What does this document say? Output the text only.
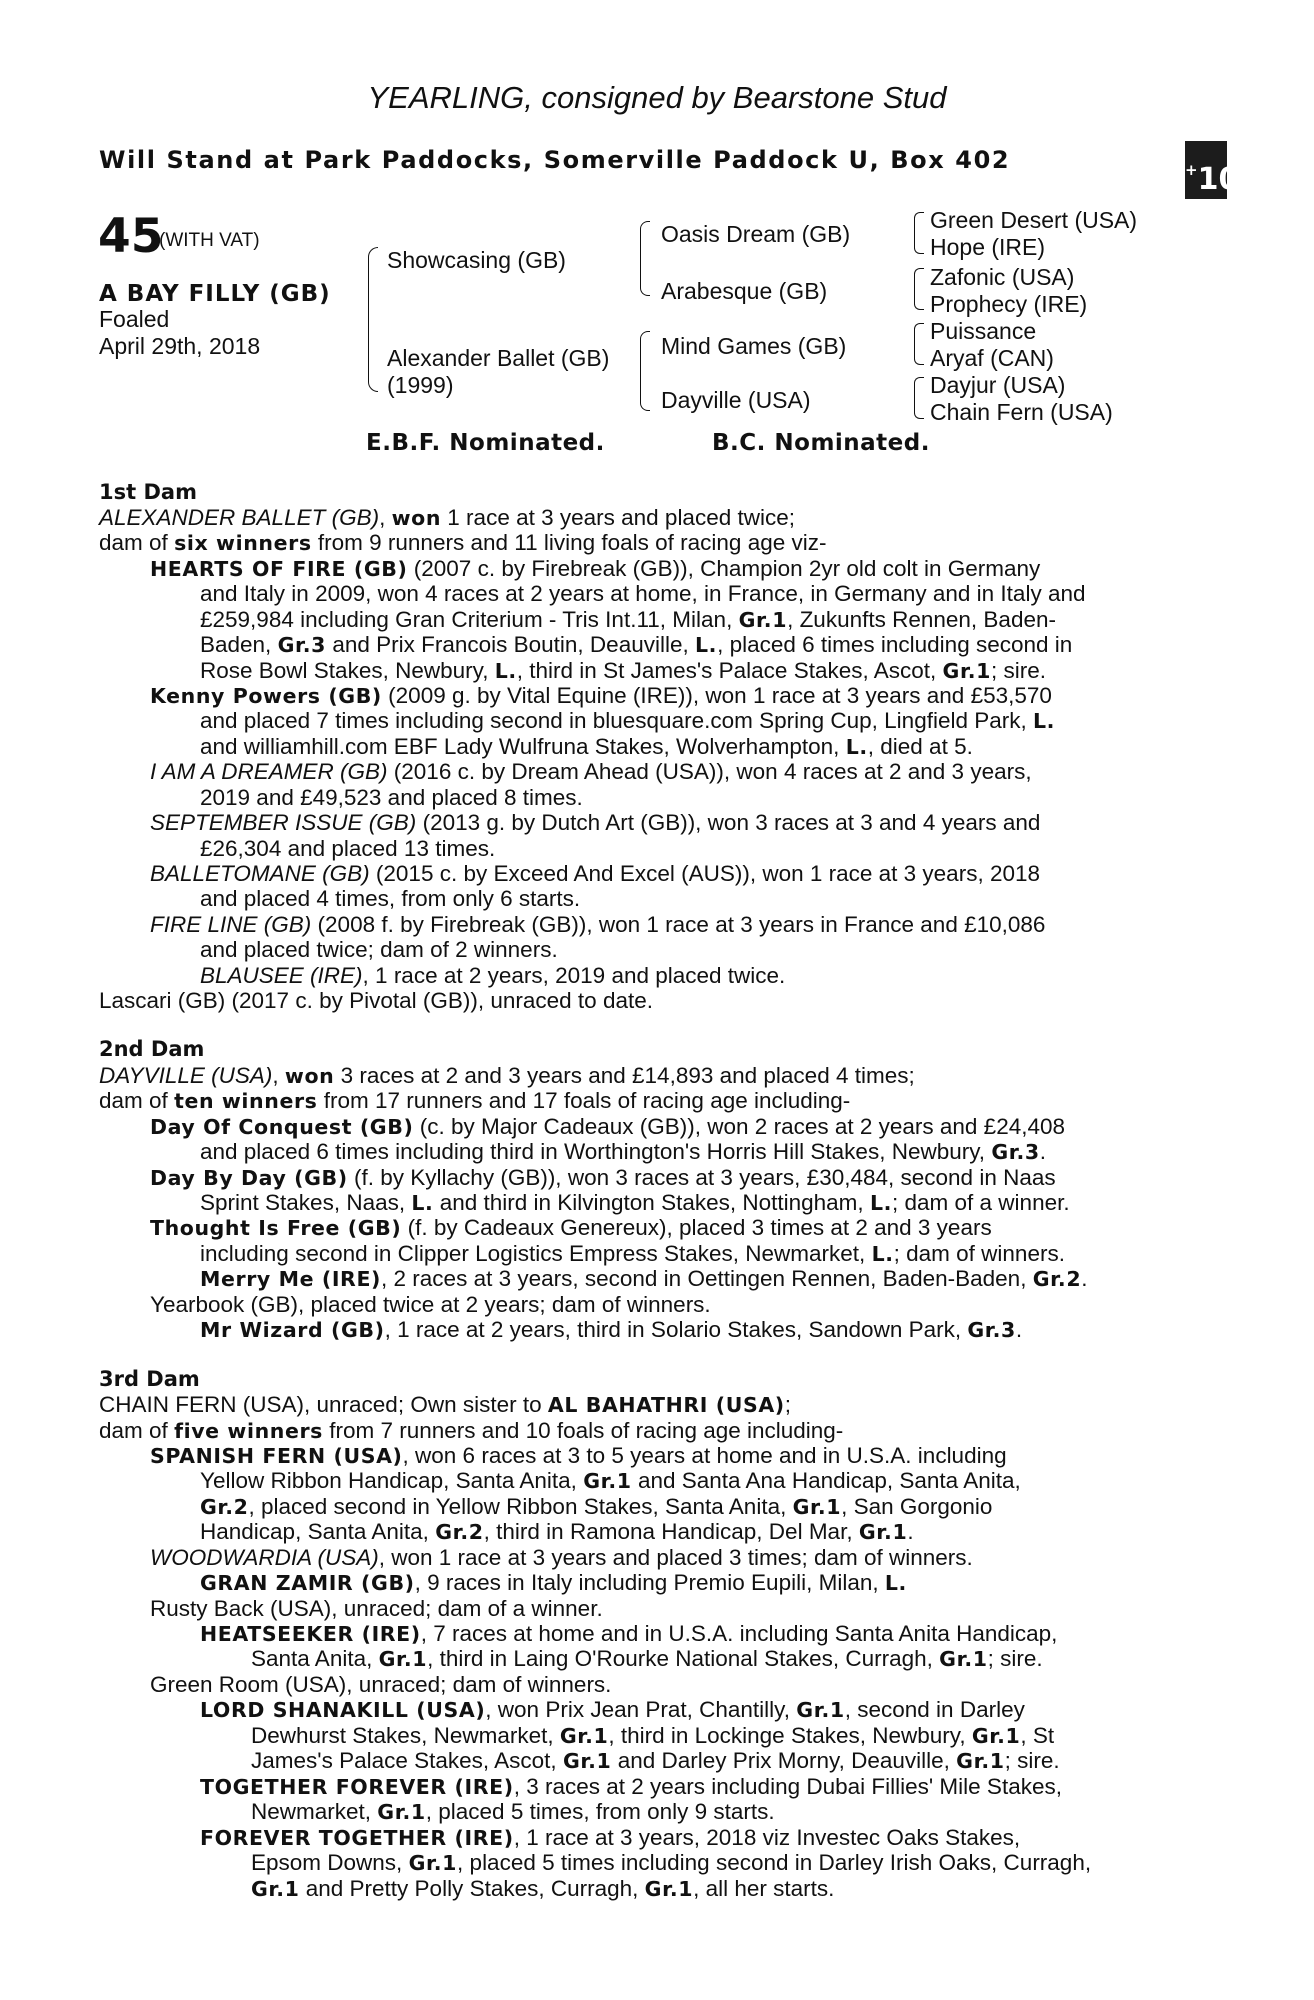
YEARLING, consigned by Bearstone Stud
Will Stand at Park Paddocks, Somerville Paddock U, Box 402	+10
45
(WITH VAT)
A BAY FILLY (GB)
Foaled
April 29th, 2018
Showcasing (GB)
Alexander Ballet (GB)
(1999)
Oasis Dream (GB)
Arabesque (GB)
Mind Games (GB)
Dayville (USA)
Green Desert (USA)
Hope (IRE)
Zafonic (USA)
Prophecy (IRE)
Puissance
Aryaf (CAN)
Dayjur (USA)
Chain Fern (USA)
E.B.F. Nominated.	B.C. Nominated.
1st Dam
ALEXANDER BALLET (GB), won 1 race at 3 years and placed twice;
dam of six winners from 9 runners and 11 living foals of racing age viz-
HEARTS OF FIRE (GB) (2007 c. by Firebreak (GB)), Champion 2yr old colt in Germany
and Italy in 2009, won 4 races at 2 years at home, in France, in Germany and in Italy and
£259,984 including Gran Criterium - Tris Int.11, Milan, Gr.1, Zukunfts Rennen, Baden-
Baden, Gr.3 and Prix Francois Boutin, Deauville, L., placed 6 times including second in
Rose Bowl Stakes, Newbury, L., third in St James's Palace Stakes, Ascot, Gr.1; sire.
Kenny Powers (GB) (2009 g. by Vital Equine (IRE)), won 1 race at 3 years and £53,570
and placed 7 times including second in bluesquare.com Spring Cup, Lingfield Park, L.
and williamhill.com EBF Lady Wulfruna Stakes, Wolverhampton, L., died at 5.
I AM A DREAMER (GB) (2016 c. by Dream Ahead (USA)), won 4 races at 2 and 3 years,
2019 and £49,523 and placed 8 times.
SEPTEMBER ISSUE (GB) (2013 g. by Dutch Art (GB)), won 3 races at 3 and 4 years and
£26,304 and placed 13 times.
BALLETOMANE (GB) (2015 c. by Exceed And Excel (AUS)), won 1 race at 3 years, 2018
and placed 4 times, from only 6 starts.
FIRE LINE (GB) (2008 f. by Firebreak (GB)), won 1 race at 3 years in France and £10,086
and placed twice; dam of 2 winners.
BLAUSEE (IRE), 1 race at 2 years, 2019 and placed twice.
Lascari (GB) (2017 c. by Pivotal (GB)), unraced to date.
2nd Dam
DAYVILLE (USA), won 3 races at 2 and 3 years and £14,893 and placed 4 times;
dam of ten winners from 17 runners and 17 foals of racing age including-
Day Of Conquest (GB) (c. by Major Cadeaux (GB)), won 2 races at 2 years and £24,408
and placed 6 times including third in Worthington's Horris Hill Stakes, Newbury, Gr.3.
Day By Day (GB) (f. by Kyllachy (GB)), won 3 races at 3 years, £30,484, second in Naas
Sprint Stakes, Naas, L. and third in Kilvington Stakes, Nottingham, L.; dam of a winner.
Thought Is Free (GB) (f. by Cadeaux Genereux), placed 3 times at 2 and 3 years
including second in Clipper Logistics Empress Stakes, Newmarket, L.; dam of winners.
Merry Me (IRE), 2 races at 3 years, second in Oettingen Rennen, Baden-Baden, Gr.2.
Yearbook (GB), placed twice at 2 years; dam of winners.
Mr Wizard (GB), 1 race at 2 years, third in Solario Stakes, Sandown Park, Gr.3.
3rd Dam
CHAIN FERN (USA), unraced; Own sister to AL BAHATHRI (USA);
dam of five winners from 7 runners and 10 foals of racing age including-
SPANISH FERN (USA), won 6 races at 3 to 5 years at home and in U.S.A. including
Yellow Ribbon Handicap, Santa Anita, Gr.1 and Santa Ana Handicap, Santa Anita,
Gr.2, placed second in Yellow Ribbon Stakes, Santa Anita, Gr.1, San Gorgonio
Handicap, Santa Anita, Gr.2, third in Ramona Handicap, Del Mar, Gr.1.
WOODWARDIA (USA), won 1 race at 3 years and placed 3 times; dam of winners.
GRAN ZAMIR (GB), 9 races in Italy including Premio Eupili, Milan, L.
Rusty Back (USA), unraced; dam of a winner.
HEATSEEKER (IRE), 7 races at home and in U.S.A. including Santa Anita Handicap,
Santa Anita, Gr.1, third in Laing O'Rourke National Stakes, Curragh, Gr.1; sire.
Green Room (USA), unraced; dam of winners.
LORD SHANAKILL (USA), won Prix Jean Prat, Chantilly, Gr.1, second in Darley
Dewhurst Stakes, Newmarket, Gr.1, third in Lockinge Stakes, Newbury, Gr.1, St
James's Palace Stakes, Ascot, Gr.1 and Darley Prix Morny, Deauville, Gr.1; sire.
TOGETHER FOREVER (IRE), 3 races at 2 years including Dubai Fillies' Mile Stakes,
Newmarket, Gr.1, placed 5 times, from only 9 starts.
FOREVER TOGETHER (IRE), 1 race at 3 years, 2018 viz Investec Oaks Stakes,
Epsom Downs, Gr.1, placed 5 times including second in Darley Irish Oaks, Curragh,
Gr.1 and Pretty Polly Stakes, Curragh, Gr.1, all her starts.
